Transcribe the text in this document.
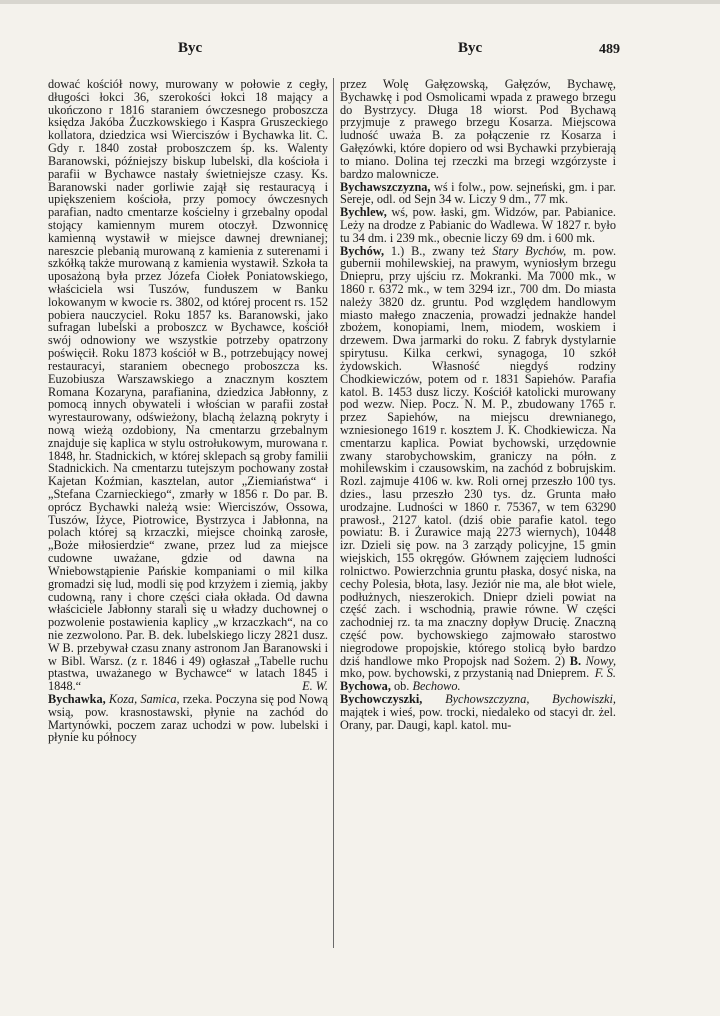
Byc	Byc	489

dować kościół nowy, murowany w połowie z cegły, długości łokci 36, szerokości łokci 18 mający a ukończono r 1816 staraniem ówczesnego proboszcza księdza Jakóba Żuczkowskiego i Kaspra Gruszeckiego kollatora, dziedzica wsi Wierciszów i Bychawka lit. C. Gdy r. 1840 został proboszczem śp. ks. Walenty Baranowski, późniejszy biskup lubelski, dla kościoła i parafii w Bychawce nastały świetniejsze czasy. Ks. Baranowski nader gorliwie zajął się restauracyą i upiększeniem kościoła, przy pomocy ówczesnych parafian, nadto cmentarze kościelny i grzebalny opodal stojący kamiennym murem otoczył. Dzwonnicę kamienną wystawił w miejsce dawnej drewnianej; nareszcie plebanią murowaną z kamienia z suterenami i szkółką także murowaną z kamienia wystawił. Szkoła ta uposażoną była przez Józefa Ciołek Poniatowskiego, właściciela wsi Tuszów, funduszem w Banku lokowanym w kwocie rs. 3802, od której procent rs. 152 pobiera nauczyciel. Roku 1857 ks. Baranowski, jako sufragan lubelski a proboszcz w Bychawce, kościół swój odnowiony we wszystkie potrzeby opatrzony poświęcił. Roku 1873 kościół w B., potrzebujący nowej restauracyi, staraniem obecnego proboszcza ks. Euzobiusza Warszawskiego a znacznym kosztem Romana Kozaryna, parafianina, dziedzica Jabłonny, z pomocą innych obywateli i włościan w parafii został wyrestaurowany, odświeżony, blachą żelazną pokryty i nową wieżą ozdobiony, Na cmentarzu grzebalnym znajduje się kaplica w stylu ostrołukowym, murowana r. 1848, hr. Stadnickich, w której sklepach są groby familii Stadnickich. Na cmentarzu tutejszym pochowany został Kajetan Koźmian, kasztelan, autor „Ziemiaństwa“ i „Stefana Czarnieckiego“, zmarły w 1856 r. Do par. B. oprócz Bychawki należą wsie: Wierciszów, Ossowa, Tuszów, Iżyce, Piotrowice, Bystrzyca i Jabłonna, na polach której są krzaczki, miejsce choinką zarosłe, „Boże miłosierdzie“ zwane, przez lud za miejsce cudowne uważane, gdzie od dawna na Wniebowstąpienie Pańskie kompaniami o mil kilka gromadzi się lud, modli się pod krzyżem i ziemią, jakby cudowną, rany i chore części ciała okłada. Od dawna właściciele Jabłonny starali się u władzy duchownej o pozwolenie postawienia kaplicy „w krzaczkach“, na co nie zezwolono. Par. B. dek. lubelskiego liczy 2821 dusz. W B. przebywał czasu znany astronom Jan Baranowski i w Bibl. Warsz. (z r. 1846 i 49) ogłaszał „Tabelle ruchu ptastwa, uważanego w Bychawce“ w latach 1845 i 1848.“	E. W.

Bychawka, Koza, Samica, rzeka. Poczyna się pod Nową wsią, pow. krasnostawski, płynie na zachód do Martynówki, poczem zaraz uchodzi w pow. lubelski i płynie ku północy

przez Wolę Gałęzowską, Gałęzów, Bychawę, Bychawkę i pod Osmolicami wpada z prawego brzegu do Bystrzycy. Długa 18 wiorst. Pod Bychawą przyjmuje z prawego brzegu Kosarza. Miejscowa ludność uważa B. za połączenie rz Kosarza i Gałęzówki, które dopiero od wsi Bychawki przybierają to miano. Dolina tej rzeczki ma brzegi wzgórzyste i bardzo malownicze.

Bychawszczyzna, wś i folw., pow. sejneński, gm. i par. Sereje, odl. od Sejn 34 w. Liczy 9 dm., 77 mk.

Bychlew, wś, pow. łaski, gm. Widzów, par. Pabianice. Leży na drodze z Pabianic do Wadlewa. W 1827 r. było tu 34 dm. i 239 mk., obecnie liczy 69 dm. i 600 mk.

Bychów, 1.) B., zwany też Stary Bychów, m. pow. gubernii mohilewskiej, na prawym, wyniosłym brzegu Dniepru, przy ujściu rz. Mokranki. Ma 7000 mk., w 1860 r. 6372 mk., w tem 3294 izr., 700 dm. Do miasta należy 3820 dz. gruntu. Pod względem handlowym miasto małego znaczenia, prowadzi jednakże handel zbożem, konopiami, lnem, miodem, woskiem i drzewem. Dwa jarmarki do roku. Z fabryk dystylarnie spirytusu. Kilka cerkwi, synagoga, 10 szkół żydowskich. Własność niegdyś rodziny Chodkiewiczów, potem od r. 1831 Sapiehów. Parafia katol. B. 1453 dusz liczy. Kościół katolicki murowany pod wezw. Niep. Pocz. N. M. P., zbudowany 1765 r. przez Sapiehów, na miejscu drewnianego, wzniesionego 1619 r. kosztem J. K. Chodkiewicza. Na cmentarzu kaplica. Powiat bychowski, urzędownie zwany starobychowskim, graniczy na półn. z mohilewskim i czausowskim, na zachód z bobrujskim. Rozl. zajmuje 4106 w. kw. Roli ornej przeszło 100 tys. dzies., lasu przeszło 230 tys. dz. Grunta mało urodzajne. Ludności w 1860 r. 75367, w tem 63290 prawosł., 2127 katol. (dziś obie parafie katol. tego powiatu: B. i Żurawice mają 2273 wiernych), 10448 izr. Dzieli się pow. na 3 zarządy policyjne, 15 gmin wiejskich, 155 okręgów. Głównem zajęciem ludności rolnictwo. Powierzchnia gruntu płaska, dosyć niska, na cechy Polesia, błota, lasy. Jeziór nie ma, ale błot wiele, podłużnych, nieszerokich. Dniepr dzieli powiat na część zach. i wschodnią, prawie równe. W części zachodniej rz. ta ma znaczny dopływ Drucię. Znaczną część pow. bychowskiego zajmowało starostwo niegrodowe propojskie, którego stolicą było bardzo dziś handlowe mko Propojsk nad Sożem. 2) B. Nowy, mko, pow. bychowski, z przystanią nad Dnieprem. F. S.

Bychowa, ob. Bechowo.

Bychowczyszki, Bychowszczyzna, Bychowiszki, majątek i wieś, pow. trocki, niedaleko od stacyi dr. żel. Orany, par. Daugi, kapl. katol. mu-
